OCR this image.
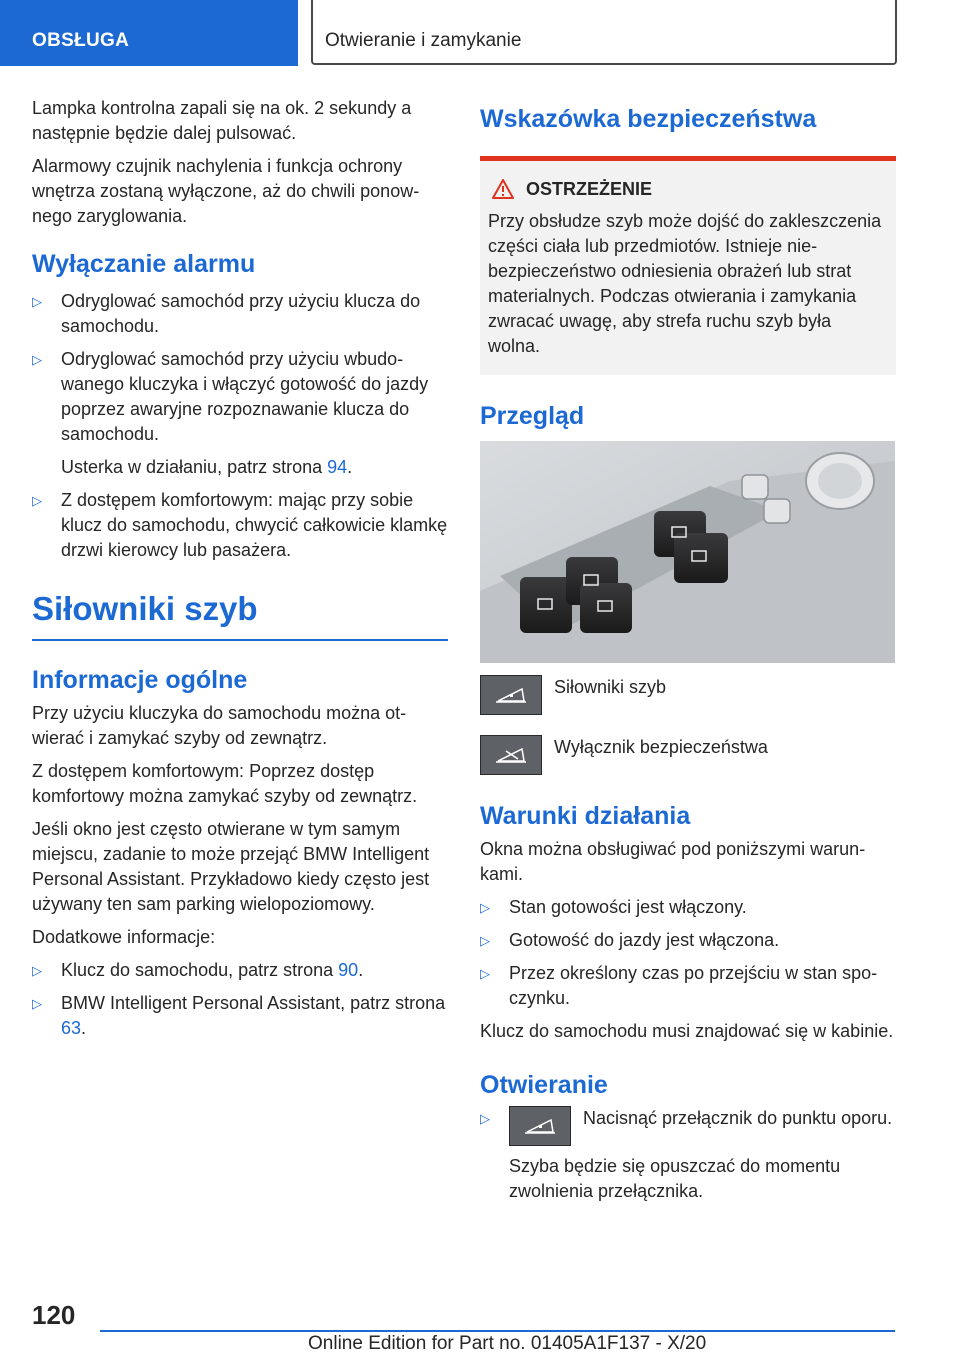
OBSŁUGA	Otwieranie i zamykanie

Lampka kontrolna zapali się na ok. 2 sekundy a następnie będzie dalej pulsować.

Alarmowy czujnik nachylenia i funkcja ochrony wnętrza zostaną wyłączone, aż do chwili ponownego zaryglowania.

Wyłączanie alarmu
▷	Odryglować samochód przy użyciu klucza do samochodu.
▷	Odryglować samochód przy użyciu wbudowanego kluczyka i włączyć gotowość do jazdy poprzez awaryjne rozpoznawanie klucza do samochodu.
Usterka w działaniu, patrz strona 94.
▷	Z dostępem komfortowym: mając przy sobie klucz do samochodu, chwycić całkowicie klamkę drzwi kierowcy lub pasażera.
Siłowniki szyb
Informacje ogólne

Przy użyciu kluczyka do samochodu można otwierać i zamykać szyby od zewnątrz.

Z dostępem komfortowym: Poprzez dostęp komfortowy można zamykać szyby od zewnątrz.

Jeśli okno jest często otwierane w tym samym miejscu, zadanie to może przejąć BMW Intelligent Personal Assistant. Przykładowo kiedy często jest używany ten sam parking wielopoziomowy.

Dodatkowe informacje:

▷	Klucz do samochodu, patrz strona 90.
▷	BMW Intelligent Personal Assistant, patrz strona 63.
Wskazówka bezpieczeństwa
OSTRZEŻENIE

Przy obsłudze szyb może dojść do zakleszczenia części ciała lub przedmiotów. Istnieje niebezpieczeństwo odniesienia obrażeń lub strat materialnych. Podczas otwierania i zamykania zwracać uwagę, aby strefa ruchu szyb była wolna.

Przegląd
Siłowniki szyb
Wyłącznik bezpieczeństwa
Warunki działania

Okna można obsługiwać pod poniższymi warunkami.

▷	Stan gotowości jest włączony.
▷	Gotowość do jazdy jest włączona.
▷	Przez określony czas po przejściu w stan spoczynku.

Klucz do samochodu musi znajdować się w kabinie.

Otwieranie
▷	Nacisnąć przełącznik do punktu oporu.
Szyba będzie się opuszczać do momentu zwolnienia przełącznika.
120
Online Edition for Part no. 01405A1F137 - X/20
